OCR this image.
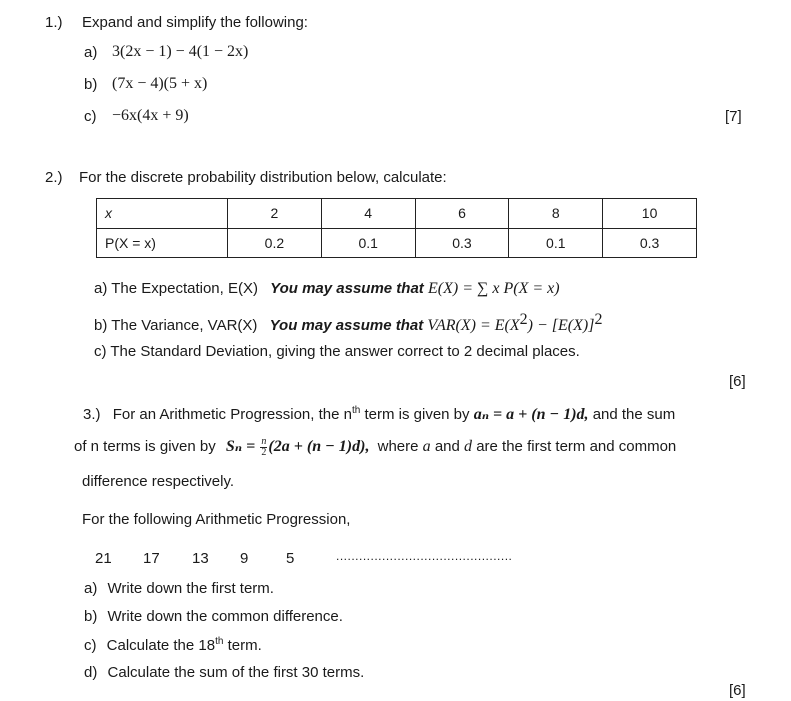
1.) Expand and simplify the following:
a) 3(2x − 1) − 4(1 − 2x)
b) (7x − 4)(5 + x)
c) −6x(4x + 9)	[7]
2.) For the discrete probability distribution below, calculate:
x	2	4	6	8	10
P(X = x)	0.2	0.1	0.3	0.1	0.3
a) The Expectation, E(X) You may assume that E(X) = ∑ x P(X = x)
b) The Variance, VAR(X) You may assume that $VAR(X) = E(X^2) - [E(X)]^2$
c) The Standard Deviation, giving the answer correct to 2 decimal places.
[6]
3.) For an Arithmetic Progression, the $n^{th}$ term is given by aₙ = a + (n − 1)d, and the sum
of n terms is given by $S_n = \frac{n}{2} (2a + (n - 1)d)$, where a and d are the first term and common
difference respectively.
For the following Arithmetic Progression,
21 17 13 9	5	..............................................
a) Write down the first term.
b) Write down the common difference.
c) Calculate the 18th term.
d) Calculate the sum of the first 30 terms.
[6]
